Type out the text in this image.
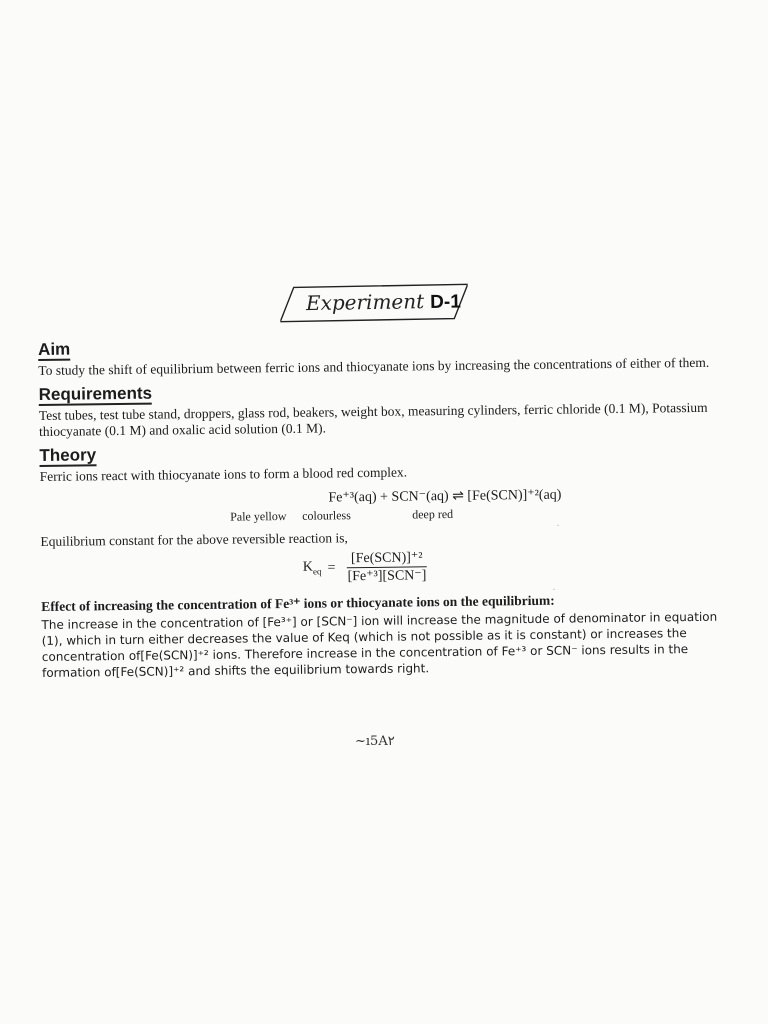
Experiment D-1
Aim

To study the shift of equilibrium between ferric ions and thiocyanate ions by increasing the concentrations of either of them.

Requirements

Test tubes, test tube stand, droppers, glass rod, beakers, weight box, measuring cylinders, ferric chloride (0.1 M), Potassium thiocyanate (0.1 M) and oxalic acid solution (0.1 M).

Theory

Ferric ions react with thiocyanate ions to form a blood red complex.

Fe⁺³(aq) + SCN⁻(aq) ⇌ [Fe(SCN)]⁺²(aq)
Pale yellow colourless	deep red

Equilibrium constant for the above reversible reaction is,

$K_{eq} = \frac{\text{[Fe(SCN)]⁺²}}{\text{[Fe⁺³][SCN⁻]}}$

Effect of increasing the concentration of Fe³⁺ ions or thiocyanate ions on the equilibrium:

The increase in the concentration of [Fe³⁺] or [SCN⁻] ion will increase the magnitude of denominator in equation (1), which in turn either decreases the value of Keq (which is not possible as it is constant) or increases the concentration of[Fe(SCN)]⁺² ions. Therefore increase in the concentration of Fe⁺³ or SCN⁻ ions results in the formation of[Fe(SCN)]⁺² and shifts the equilibrium towards right.

~ı5A٢
·
·
